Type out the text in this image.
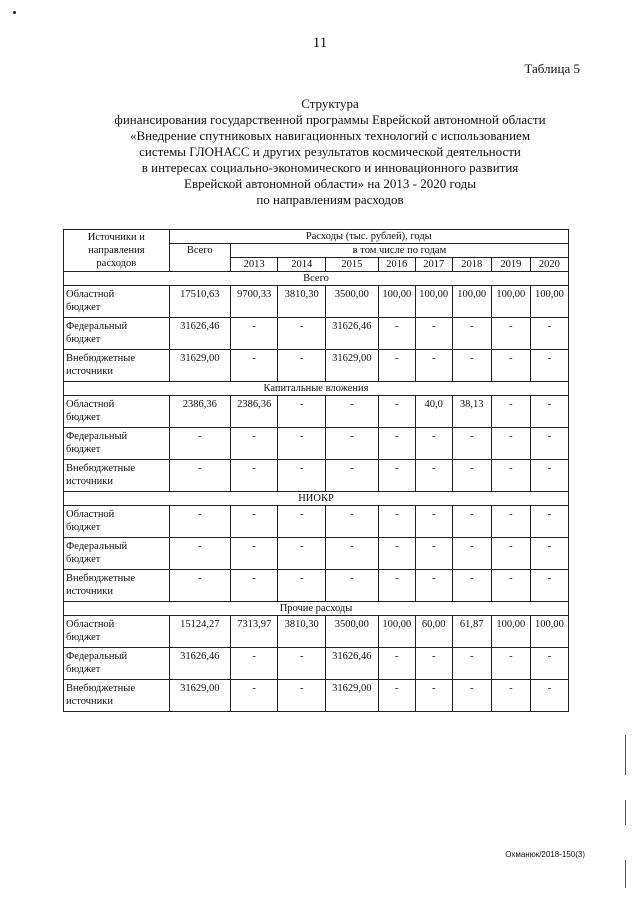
11
Таблица 5
Структура
финансирования государственной программы Еврейской автономной области
«Внедрение спутниковых навигационных технологий с использованием
системы ГЛОНАСС и других результатов космической деятельности
в интересах социально-экономического и инновационного развития
Еврейской автономной области» на 2013 - 2020 годы
по направлениям расходов
Источники и
направления
расходов	Расходы (тыс. рублей), годы								
	Всего	в том числе по годам							
		2013	2014	2015	2016	2017	2018	2019	2020
Всего									

Областной
бюджет	17510,63	9700,33	3810,30	3500,00	100,00	100,00	100,00	100,00	100,00

Федеральный
бюджет	31626,46	-	-	31626,46	-	-	-	-	-

Внебюджетные
источники	31629,00	-	-	31629,00	-	-	-	-	-
Капитальные вложения									

Областной
бюджет	2386,36	2386,36	-	-	-	40,0	38,13	-	-

Федеральный
бюджет	-	-	-	-	-	-	-	-	-

Внебюджетные
источники	-	-	-	-	-	-	-	-	-
НИОКР									

Областной
бюджет	-	-	-	-	-	-	-	-	-

Федеральный
бюджет	-	-	-	-	-	-	-	-	-

Внебюджетные
источники	-	-	-	-	-	-	-	-	-
Прочие расходы									

Областной
бюджет	15124,27	7313,97	3810,30	3500,00	100,00	60,00	61,87	100,00	100,00

Федеральный
бюджет	31626,46	-	-	31626,46	-	-	-	-	-

Внебюджетные
источники	31629,00	-	-	31629,00	-	-	-	-	-
Охманюк/2018-150(3)
